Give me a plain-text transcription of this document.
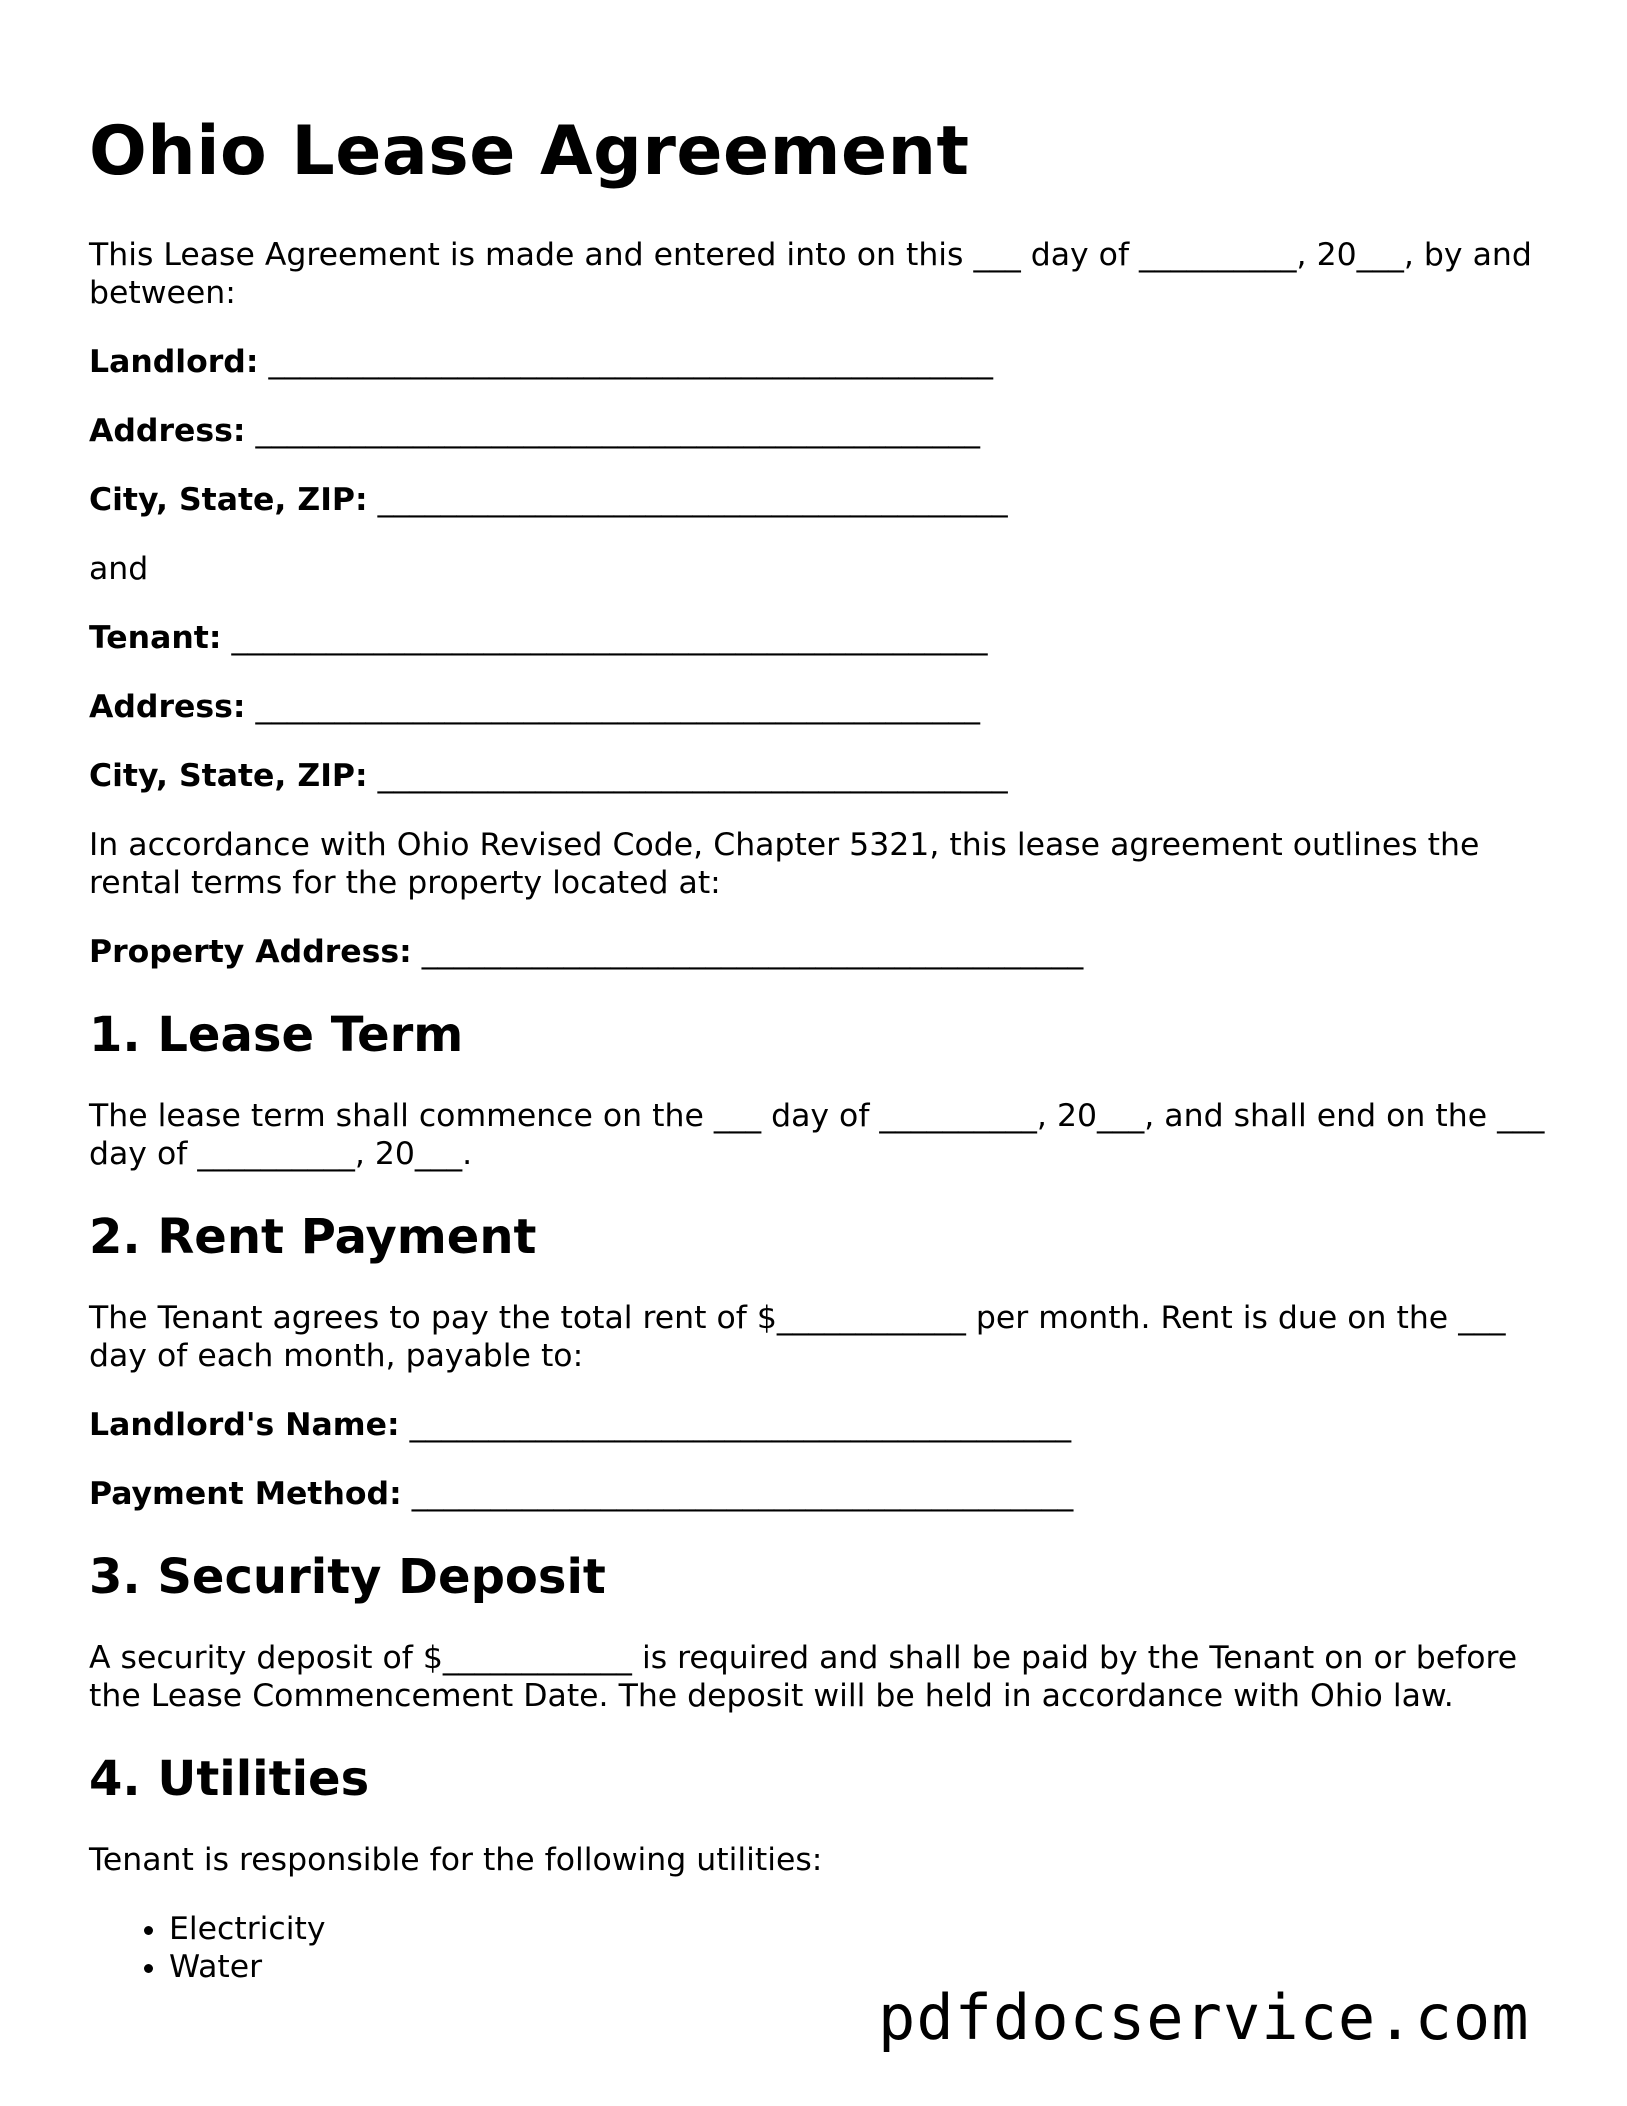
Ohio Lease Agreement

This Lease Agreement is made and entered into on this ___ day of __________, 20___, by and between:

Landlord: ______________________________________________
Address: ______________________________________________
City, State, ZIP: ________________________________________

and

Tenant: ________________________________________________
Address: ______________________________________________
City, State, ZIP: ________________________________________

In accordance with Ohio Revised Code, Chapter 5321, this lease agreement outlines the rental terms for the property located at:

Property Address: __________________________________________
1. Lease Term

The lease term shall commence on the ___ day of __________, 20___, and shall end on the ___ day of __________, 20___.

2. Rent Payment

The Tenant agrees to pay the total rent of $____________ per month. Rent is due on the ___ day of each month, payable to:

Landlord's Name: __________________________________________
Payment Method: __________________________________________
3. Security Deposit

A security deposit of $____________ is required and shall be paid by the Tenant on or before the Lease Commencement Date. The deposit will be held in accordance with Ohio law.

4. Utilities

Tenant is responsible for the following utilities:

• Electricity
• Water
pdfdocservice.com
